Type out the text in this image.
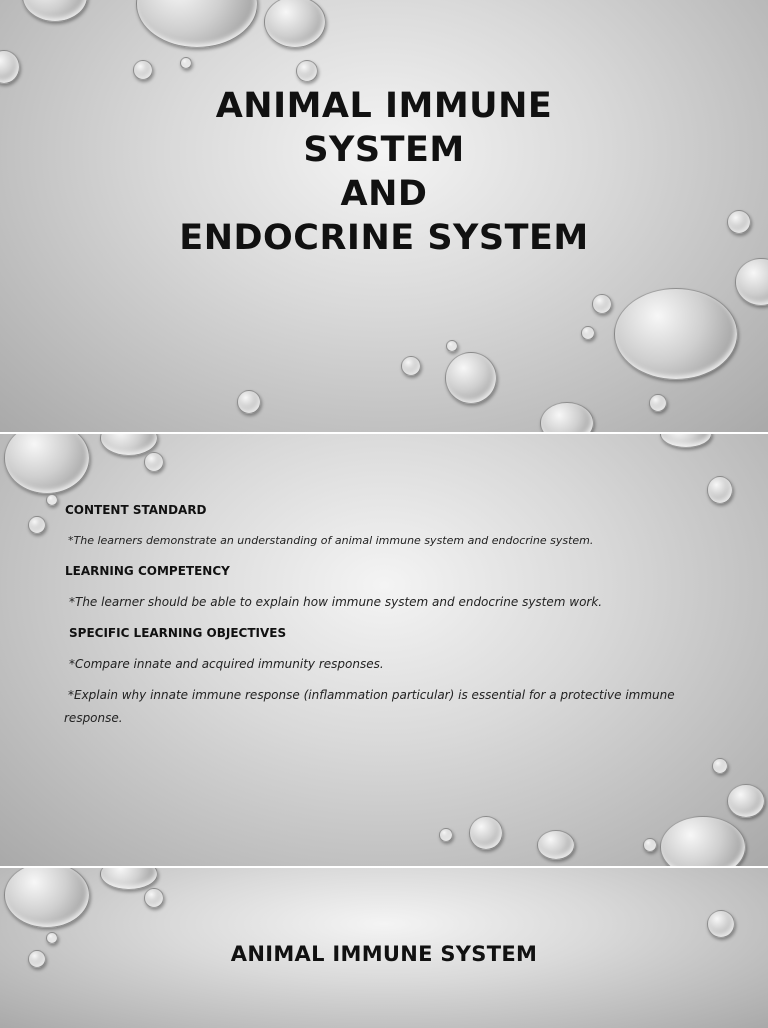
ANIMAL IMMUNE
SYSTEM
AND
ENDOCRINE SYSTEM
CONTENT STANDARD
*The learners demonstrate an understanding of animal immune system and endocrine system.
LEARNING COMPETENCY
*The learner should be able to explain how immune system and endocrine system work.
SPECIFIC LEARNING OBJECTIVES
*Compare innate and acquired immunity responses.
*Explain why innate immune response (inflammation particular) is essential for a protective immune response.
ANIMAL IMMUNE SYSTEM
